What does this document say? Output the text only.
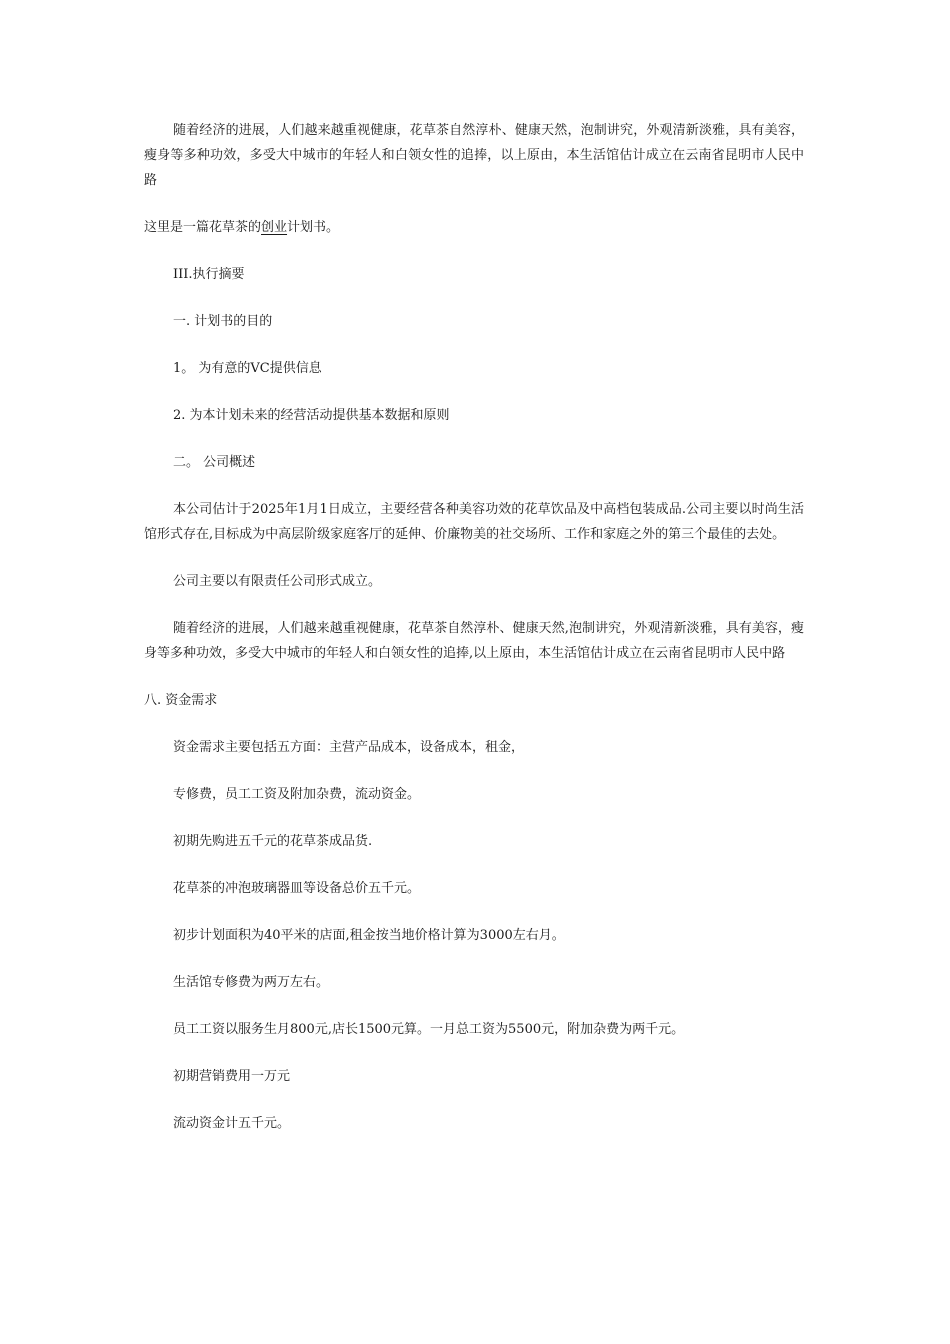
随着经济的进展，人们越来越重视健康，花草茶自然淳朴、健康天然，泡制讲究，外观清新淡雅，具有美容，瘦身等多种功效，多受大中城市的年轻人和白领女性的追捧，以上原由，本生活馆估计成立在云南省昆明市人民中路

这里是一篇花草茶的创业计划书。

III.执行摘要

一. 计划书的目的

1。 为有意的VC提供信息

2. 为本计划未来的经营活动提供基本数据和原则

二。 公司概述

本公司估计于2025年1月1日成立，主要经营各种美容功效的花草饮品及中高档包装成品.公司主要以时尚生活馆形式存在,目标成为中高层阶级家庭客厅的延伸、价廉物美的社交场所、工作和家庭之外的第三个最佳的去处。

公司主要以有限责任公司形式成立。

随着经济的进展，人们越来越重视健康，花草茶自然淳朴、健康天然,泡制讲究，外观清新淡雅，具有美容，瘦身等多种功效，多受大中城市的年轻人和白领女性的追捧,以上原由，本生活馆估计成立在云南省昆明市人民中路

八. 资金需求

资金需求主要包括五方面：主营产品成本，设备成本，租金，

专修费，员工工资及附加杂费，流动资金。

初期先购进五千元的花草茶成品货.

花草茶的冲泡玻璃器皿等设备总价五千元。

初步计划面积为40平米的店面,租金按当地价格计算为3000左右月。

生活馆专修费为两万左右。

员工工资以服务生月800元,店长1500元算。一月总工资为5500元，附加杂费为两千元。

初期营销费用一万元

流动资金计五千元。
